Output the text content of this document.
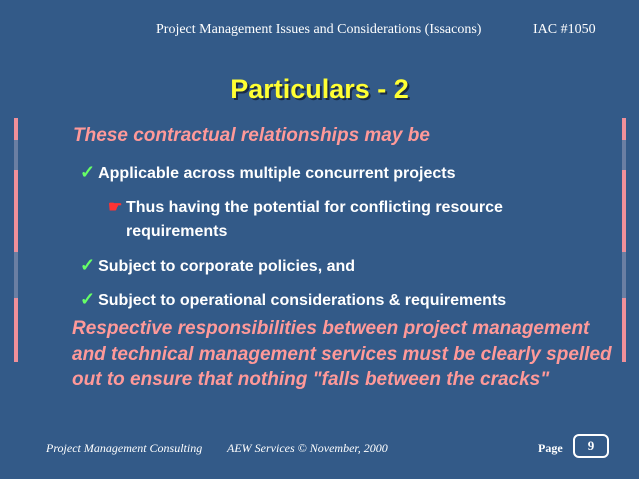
Project Management Issues and Considerations (Issacons)	IAC #1050
Particulars - 2
These contractual relationships may be
✓ Applicable across multiple concurrent projects
☛ Thus having the potential for conflicting resource
requirements
✓ Subject to corporate policies, and
✓ Subject to operational considerations & requirements
Respective responsibilities between project management and technical management services must be clearly spelled out to ensure that nothing "falls between the cracks"
Project Management Consulting AEW Services © November, 2000	Page	9
